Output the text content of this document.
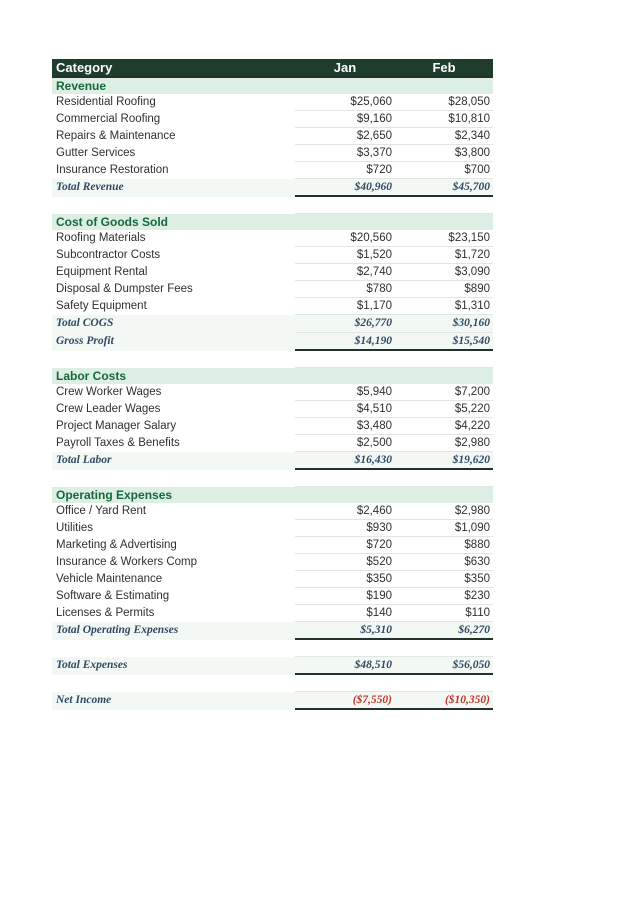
Category	Jan	Feb
Revenue
Residential Roofing	$25,060	$28,050
Commercial Roofing	$9,160	$10,810
Repairs & Maintenance	$2,650	$2,340
Gutter Services	$3,370	$3,800
Insurance Restoration	$720	$700
Total Revenue	$40,960	$45,700
Cost of Goods Sold
Roofing Materials	$20,560	$23,150
Subcontractor Costs	$1,520	$1,720
Equipment Rental	$2,740	$3,090
Disposal & Dumpster Fees	$780	$890
Safety Equipment	$1,170	$1,310
Total COGS	$26,770	$30,160
Gross Profit	$14,190	$15,540
Labor Costs
Crew Worker Wages	$5,940	$7,200
Crew Leader Wages	$4,510	$5,220
Project Manager Salary	$3,480	$4,220
Payroll Taxes & Benefits	$2,500	$2,980
Total Labor	$16,430	$19,620
Operating Expenses
Office / Yard Rent	$2,460	$2,980
Utilities	$930	$1,090
Marketing & Advertising	$720	$880
Insurance & Workers Comp	$520	$630
Vehicle Maintenance	$350	$350
Software & Estimating	$190	$230
Licenses & Permits	$140	$110
Total Operating Expenses	$5,310	$6,270
Total Expenses	$48,510	$56,050
Net Income	($7,550)	($10,350)
